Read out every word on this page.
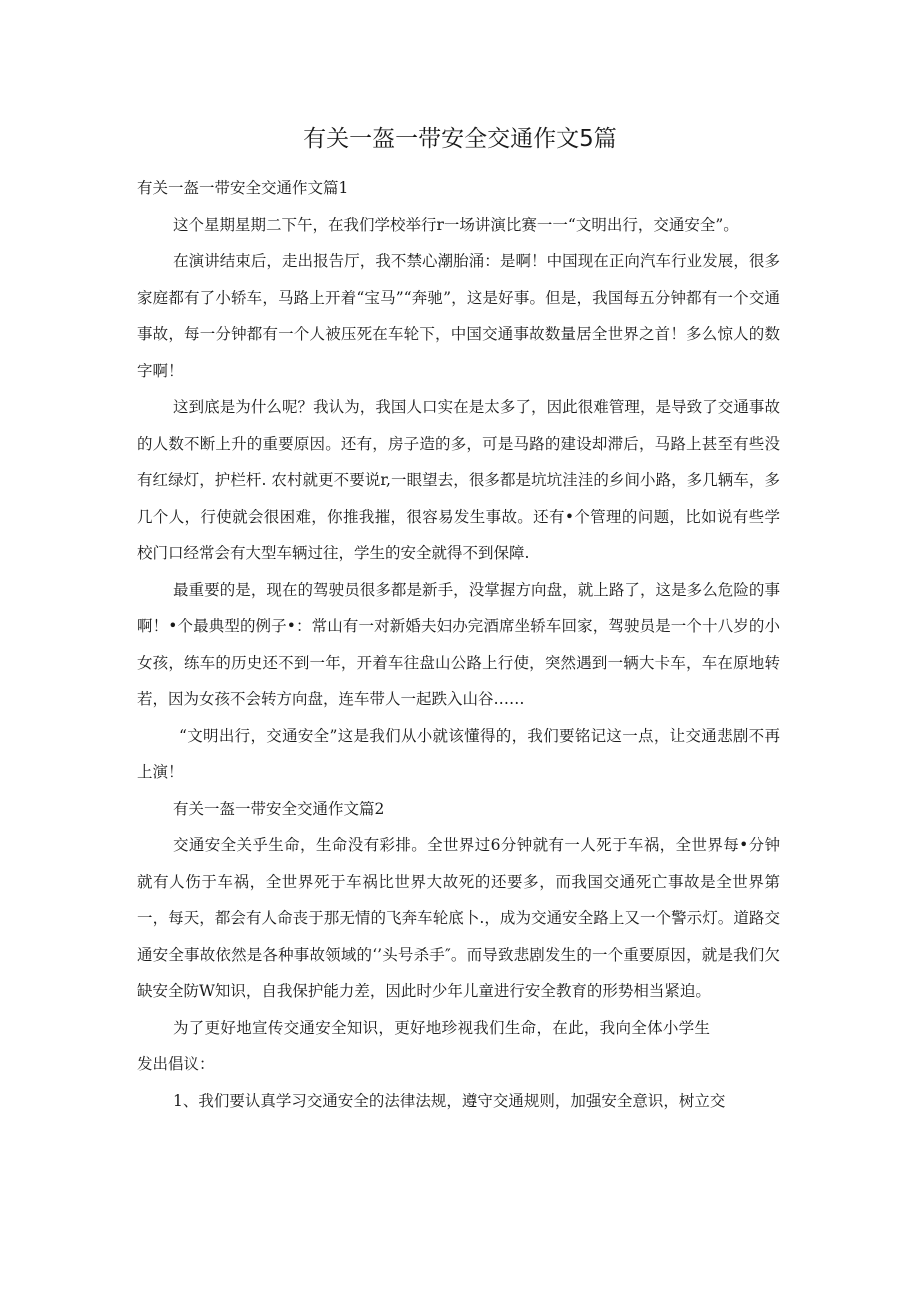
有关一盔一带安全交通作文5篇

有关一盔一带安全交通作文篇1

这个星期星期二下午，在我们学校举行r一场讲演比赛一一“文明出行，交通安全”。

在演讲结束后，走出报告厅，我不禁心潮胎涌：是啊！中国现在正向汽车行业发展，很多家庭都有了小轿车，马路上开着“宝马”“奔驰”，这是好事。但是，我国每五分钟都有一个交通事故，每一分钟都有一个人被压死在车轮下，中国交通事故数量居全世界之首！多么惊人的数字啊！

这到底是为什么呢？我认为，我国人口实在是太多了，因此很难管理，是导致了交通事故的人数不断上升的重要原因。还有，房子造的多，可是马路的建设却滞后，马路上甚至有些没有红绿灯，护栏杆. 农村就更不要说r,一眼望去，很多都是坑坑洼洼的乡间小路，多几辆车，多几个人，行使就会很困难，你推我摧，很容易发生事故。还有•个管理的问题，比如说有些学校门口经常会有大型车辆过往，学生的安全就得不到保障.

最重要的是，现在的驾驶员很多都是新手，没掌握方向盘，就上路了，这是多么危险的事啊！•个最典型的例子•：常山有一对新婚夫妇办完酒席坐轿车回家，驾驶员是一个十八岁的小女孩，练车的历史还不到一年，开着车往盘山公路上行使，突然遇到一辆大卡车，车在原地转若，因为女孩不会转方向盘，连车带人一起跌入山谷……

“文明出行，交通安全”这是我们从小就该懂得的，我们要铭记这一点，让交通悲剧不再上演！

有关一盔一带安全交通作文篇2

交通安全关乎生命，生命没有彩排。全世界过6分钟就有一人死于车祸，全世界每•分钟就有人伤于车祸，全世界死于车祸比世界大故死的还要多，而我国交通死亡事故是全世界第一，每天，都会有人命丧于那无情的飞奔车轮底卜.，成为交通安全路上又一个警示灯。道路交通安全事故依然是各种事故领域的‘’头号杀手″。而导致悲剧发生的一个重要原因，就是我们欠缺安全防W知识，自我保护能力差，因此时少年儿童进行安全教育的形势相当紧迫。

为了更好地宣传交通安全知识，更好地珍视我们生命，在此，我向全体小学生发出倡议：

1、我们要认真学习交通安全的法律法规，遵守交通规则，加强安全意识，树立交
